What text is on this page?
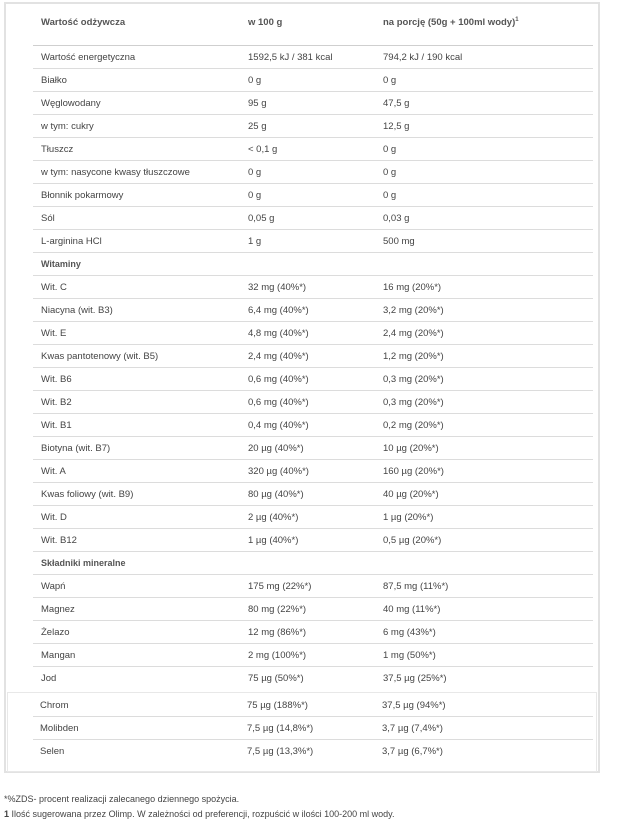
Wartość odżywcza	w 100 g	na porcję (50g + 100ml wody)$^1$
Wartość energetyczna	1592,5 kJ / 381 kcal	794,2 kJ / 190 kcal
Białko	0 g	0 g
Węglowodany	95 g	47,5 g
w tym: cukry	25 g	12,5 g
Tłuszcz	< 0,1 g	0 g
w tym: nasycone kwasy tłuszczowe	0 g	0 g
Błonnik pokarmowy	0 g	0 g
Sól	0,05 g	0,03 g
L-arginina HCl	1 g	500 mg
Witaminy
Wit. C	32 mg (40%*)	16 mg (20%*)
Niacyna (wit. B3)	6,4 mg (40%*)	3,2 mg (20%*)
Wit. E	4,8 mg (40%*)	2,4 mg (20%*)
Kwas pantotenowy (wit. B5)	2,4 mg (40%*)	1,2 mg (20%*)
Wit. B6	0,6 mg (40%*)	0,3 mg (20%*)
Wit. B2	0,6 mg (40%*)	0,3 mg (20%*)
Wit. B1	0,4 mg (40%*)	0,2 mg (20%*)
Biotyna (wit. B7)	20 µg (40%*)	10 µg (20%*)
Wit. A	320 µg (40%*)	160 µg (20%*)
Kwas foliowy (wit. B9)	80 µg (40%*)	40 µg (20%*)
Wit. D	2 µg (40%*)	1 µg (20%*)
Wit. B12	1 µg (40%*)	0,5 µg (20%*)
Składniki mineralne
Wapń	175 mg (22%*)	87,5 mg (11%*)
Magnez	80 mg (22%*)	40 mg (11%*)
Żelazo	12 mg (86%*)	6 mg (43%*)
Mangan	2 mg (100%*)	1 mg (50%*)
Jod	75 µg (50%*)	37,5 µg (25%*)
Chrom	75 µg (188%*)	37,5 µg (94%*)
Molibden	7,5 µg (14,8%*)	3,7 µg (7,4%*)
Selen	7,5 µg (13,3%*)	3,7 µg (6,7%*)
*%ZDS- procent realizacji zalecanego dziennego spożycia.
1 Ilość sugerowana przez Olimp. W zależności od preferencji, rozpuścić w ilości 100-200 ml wody.
